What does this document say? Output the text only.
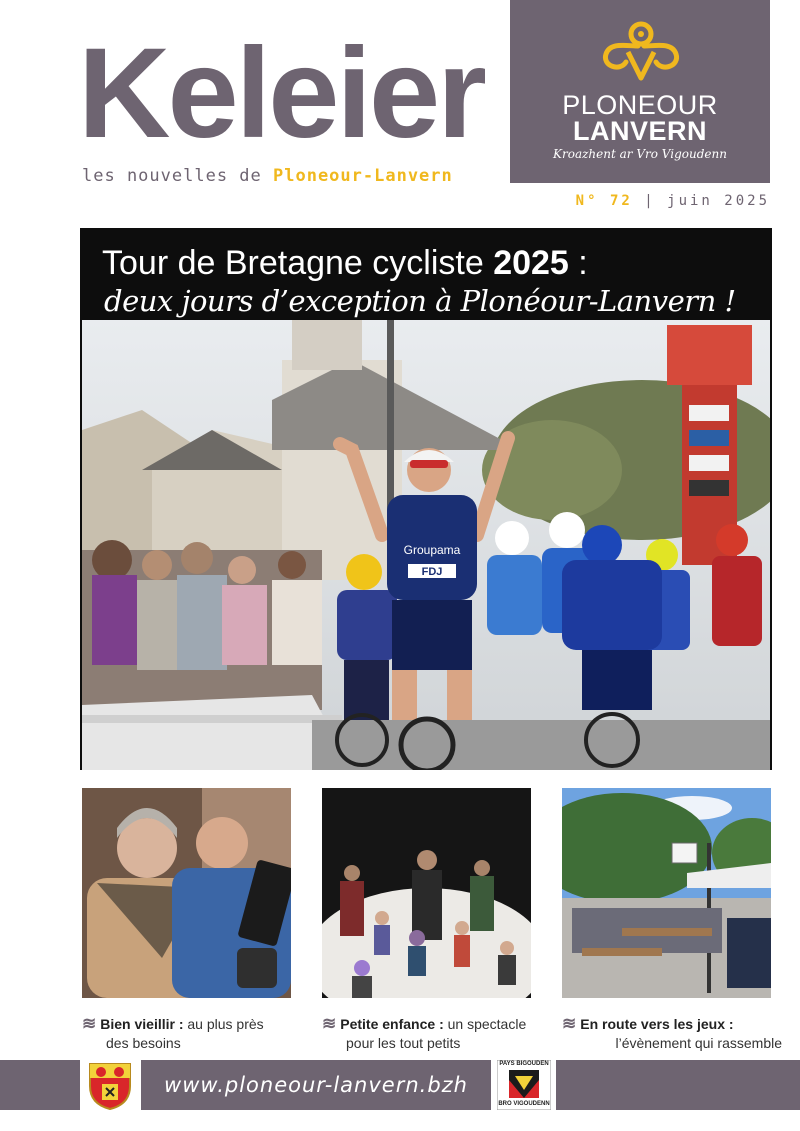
Keleier
les nouvelles de Ploneour-Lanvern
PLONEOUR
LANVERN
Kroazhent ar Vro Vigoudenn
N° 72 | juin 2025
Tour de Bretagne cycliste 2025 :
deux jours d’exception à Plonéour-Lanvern !
Groupama
FDJ
≋ Bien vieillir : au plus près
des besoins
≋ Petite enfance : un spectacle
pour les tout petits
≋ En route vers les jeux :
l’évènement qui rassemble
www.ploneour-lanvern.bzh
PAYS BIGOUDEN
BRO VIGOUDENN
